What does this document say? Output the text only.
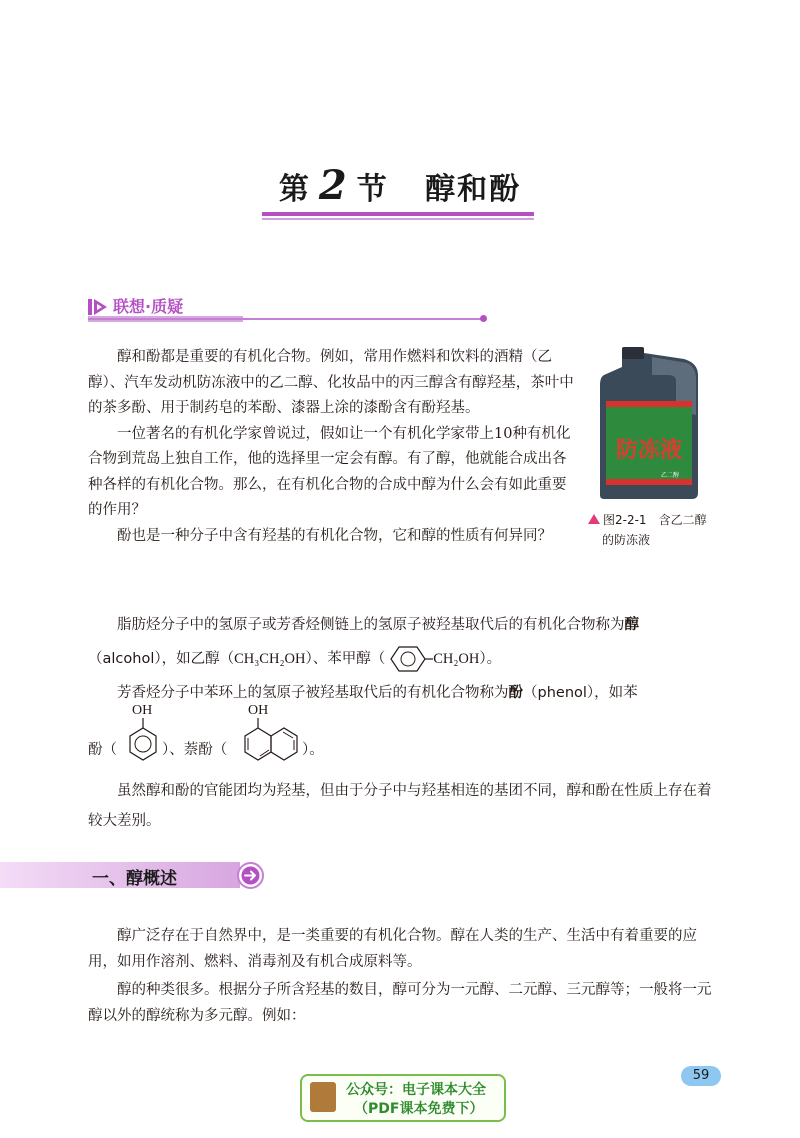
第 2 节 醇和酚
联想·质疑

醇和酚都是重要的有机化合物。例如，常用作燃料和饮料的酒精（乙醇）、汽车发动机防冻液中的乙二醇、化妆品中的丙三醇含有醇羟基，茶叶中的茶多酚、用于制药皂的苯酚、漆器上涂的漆酚含有酚羟基。

一位著名的有机化学家曾说过，假如让一个有机化学家带上10种有机化合物到荒岛上独自工作，他的选择里一定会有醇。有了醇，他就能合成出各种各样的有机化合物。那么，在有机化合物的合成中醇为什么会有如此重要的作用？

酚也是一种分子中含有羟基的有机化合物，它和醇的性质有何异同？

防冻液
乙二醇
图2-2-1　含乙二醇
的防冻液
脂肪烃分子中的氢原子或芳香烃侧链上的氢原子被羟基取代后的有机化合物称为醇
（alcohol），如乙醇（CH₃CH₂OH）、苯甲醇（	CH₂OH）。
芳香烃分子中苯环上的氢原子被羟基取代后的有机化合物称为酚（phenol），如苯
酚（
OH
）、萘酚（
OH
）。
虽然醇和酚的官能团均为羟基，但由于分子中与羟基相连的基团不同，醇和酚在性质上存在着较大差别。
一、醇概述
醇广泛存在于自然界中，是一类重要的有机化合物。醇在人类的生产、生活中有着重要的应用，如用作溶剂、燃料、消毒剂及有机合成原料等。
醇的种类很多。根据分子所含羟基的数目，醇可分为一元醇、二元醇、三元醇等；一般将一元醇以外的醇统称为多元醇。例如：
59
公众号：电子课本大全
（PDF课本免费下）
